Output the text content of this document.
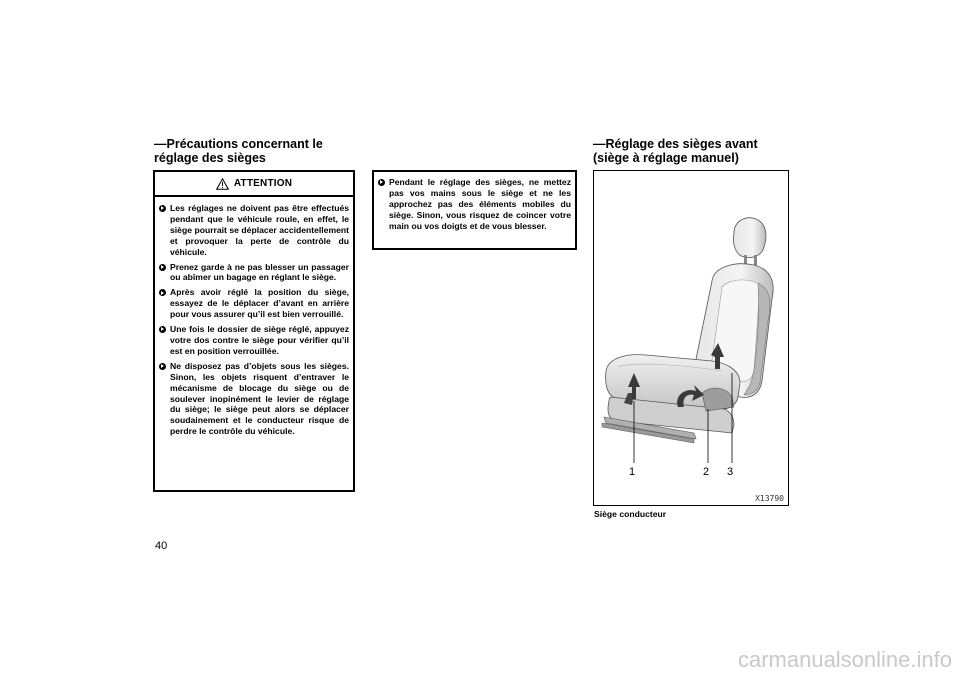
—Précautions concernant le
réglage des sièges
ATTENTION
Les réglages ne doivent pas être effectués pendant que le véhicule roule, en effet, le siège pourrait se déplacer accidentellement et provoquer la perte de contrôle du véhicule.
Prenez garde à ne pas blesser un passager ou abîmer un bagage en réglant le siège.
Après avoir réglé la position du siège, essayez de le déplacer d’avant en arrière pour vous assurer qu’il est bien verrouillé.
Une fois le dossier de siège réglé, appuyez votre dos contre le siège pour vérifier qu’il est en position verrouillée.
Ne disposez pas d’objets sous les sièges. Sinon, les objets risquent d’entraver le mécanisme de blocage du siège ou de soulever inopinément le levier de réglage du siège; le siège peut alors se déplacer soudainement et le conducteur risque de perdre le contrôle du véhicule.
Pendant le réglage des sièges, ne mettez pas vos mains sous le siège et ne les approchez pas des éléments mobiles du siège. Sinon, vous risquez de coincer votre main ou vos doigts et de vous blesser.
—Réglage des sièges avant
(siège à réglage manuel)
1	2 3
X13790

Siège conducteur

40
carmanualsonline.info
